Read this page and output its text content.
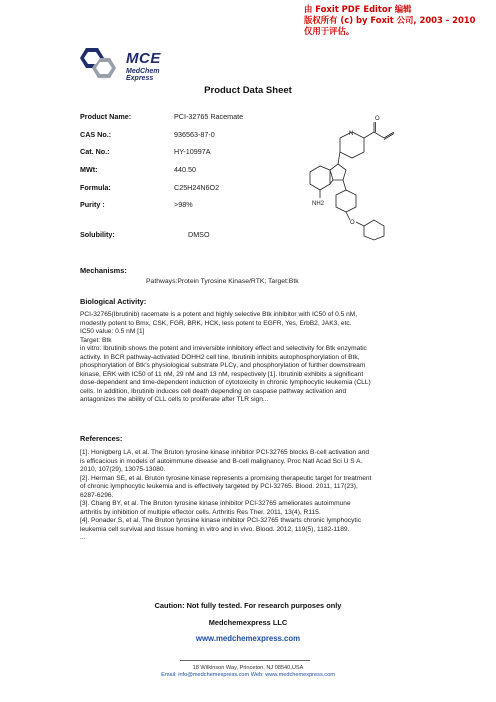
由 Foxit PDF Editor 编辑
版权所有 (c) by Foxit 公司, 2003 - 2010
仅用于评估。
MCE
MedChem Express
Product Data Sheet
Product Name:	PCI-32765 Racemate
CAS No.:	936563-87-0
Cat. No.:	HY-10997A
MWt:	440.50
Formula:	C25H24N6O2
Purity :	>98%
Solubility:	DMSO
O
N
O
NH2
Mechanisms:
Pathways:Protein Tyrosine Kinase/RTK; Target:Btk
Biological Activity:

PCI-32765(Ibrutinib) racemate is a potent and highly selective Btk inhibitor with IC50 of 0.5 nM,

modestly potent to Bmx, CSK, FGR, BRK, HCK, less potent to EGFR, Yes, ErbB2, JAK3, etc.

IC50 value: 0.5 nM [1]

Target: Btk

in vitro: Ibrutinib shows the potent and irreversible inhibitory effect and selectivity for Btk enzymatic

activity. In BCR pathway-activated DOHH2 cell line, Ibrutinib inhibits autophosphorylation of Btk,

phosphorylation of Btk's physiological substrate PLCγ, and phosphorylation of further downstream

kinase, ERK with IC50 of 11 nM, 29 nM and 13 nM, respectively [1]. Ibrutinib exhibits a significant

dose-dependent and time-dependent induction of cytotoxicity in chronic lymphocytic leukemia (CLL)

cells. In addition, Ibrutinib induces cell death depending on caspase pathway activation and

antagonizes the ability of CLL cells to proliferate after TLR sign...

References:

[1]. Honigberg LA, et al. The Bruton tyrosine kinase inhibitor PCI-32765 blocks B-cell activation and

is efficacious in models of autoimmune disease and B-cell malignancy. Proc Natl Acad Sci U S A.

2010, 107(29), 13075-13080.

[2]. Herman SE, et al. Bruton tyrosine kinase represents a promising therapeutic target for treatment

of chronic lymphocytic leukemia and is effectively targeted by PCI-32765. Blood. 2011, 117(23),

6287-6296.

[3]. Chang BY, et al. The Bruton tyrosine kinase inhibitor PCI-32765 ameliorates autoimmune

arthritis by inhibition of multiple effector cells. Arthritis Res Ther. 2011, 13(4), R115.

[4]. Ponader S, et al. The Bruton tyrosine kinase inhibitor PCI-32765 thwarts chronic lymphocytic

leukemia cell survival and tissue homing in vitro and in vivo. Blood. 2012, 119(5), 1182-1189.

...

Caution: Not fully tested. For research purposes only
Medchemexpress LLC
www.medchemexpress.com
18 Wilkinson Way, Princeton, NJ 08540,USA
Email: info@medchemexpress.com Web: www.medchemexpress.com
